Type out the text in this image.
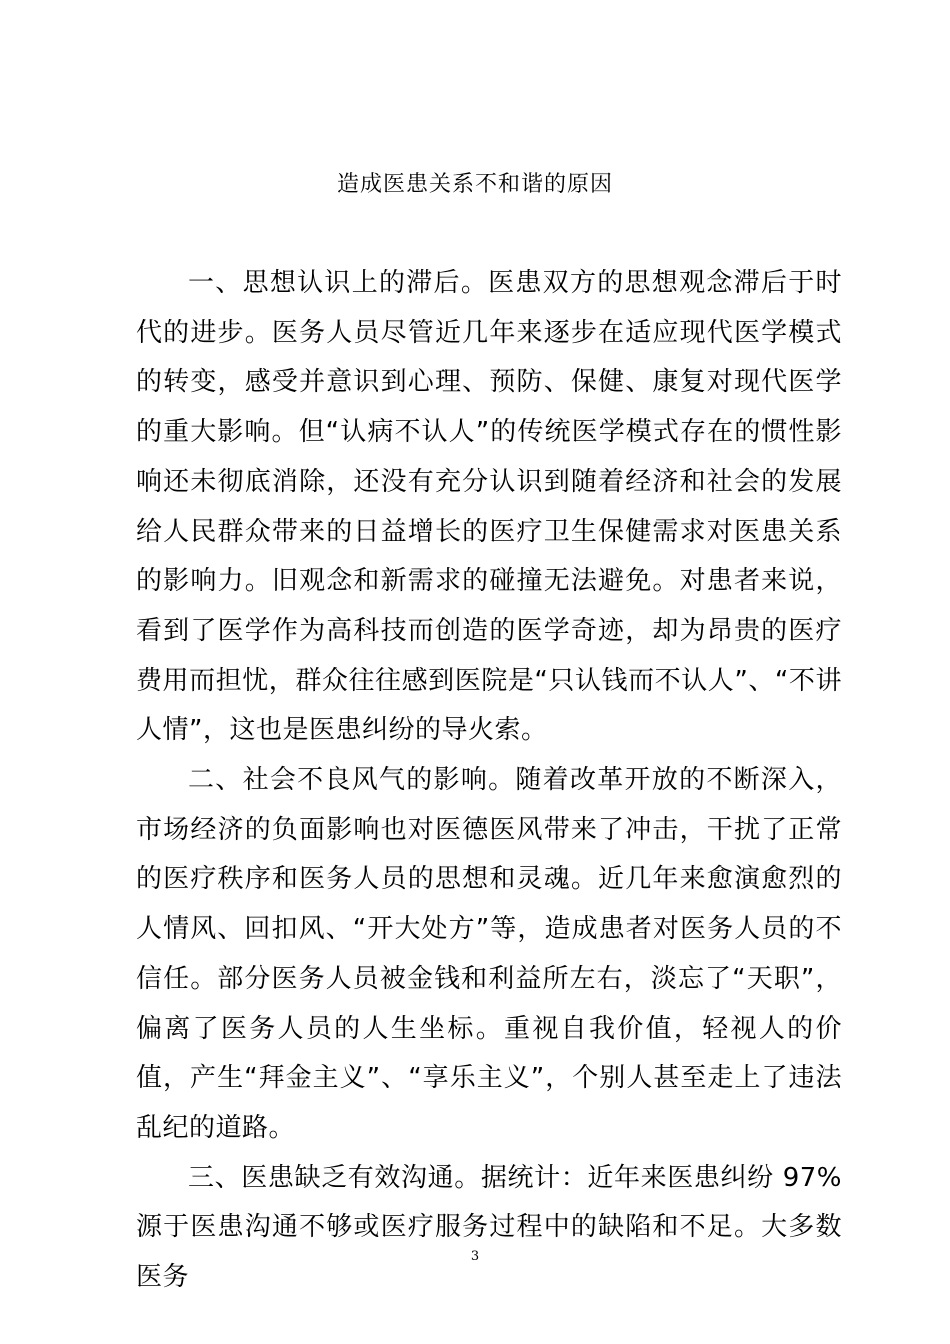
造成医患关系不和谐的原因

一、思想认识上的滞后。医患双方的思想观念滞后于时代的进步。医务人员尽管近几年来逐步在适应现代医学模式的转变，感受并意识到心理、预防、保健、康复对现代医学的重大影响。但“认病不认人”的传统医学模式存在的惯性影响还未彻底消除，还没有充分认识到随着经济和社会的发展给人民群众带来的日益增长的医疗卫生保健需求对医患关系的影响力。旧观念和新需求的碰撞无法避免。对患者来说，看到了医学作为高科技而创造的医学奇迹，却为昂贵的医疗费用而担忧，群众往往感到医院是“只认钱而不认人”、“不讲人情”，这也是医患纠纷的导火索。

二、社会不良风气的影响。随着改革开放的不断深入，市场经济的负面影响也对医德医风带来了冲击，干扰了正常的医疗秩序和医务人员的思想和灵魂。近几年来愈演愈烈的人情风、回扣风、“开大处方”等，造成患者对医务人员的不信任。部分医务人员被金钱和利益所左右，淡忘了“天职”，偏离了医务人员的人生坐标。重视自我价值，轻视人的价值，产生“拜金主义”、“享乐主义”，个别人甚至走上了违法乱纪的道路。

三、医患缺乏有效沟通。据统计：近年来医患纠纷 97%源于医患沟通不够或医疗服务过程中的缺陷和不足。大多数医务

3
